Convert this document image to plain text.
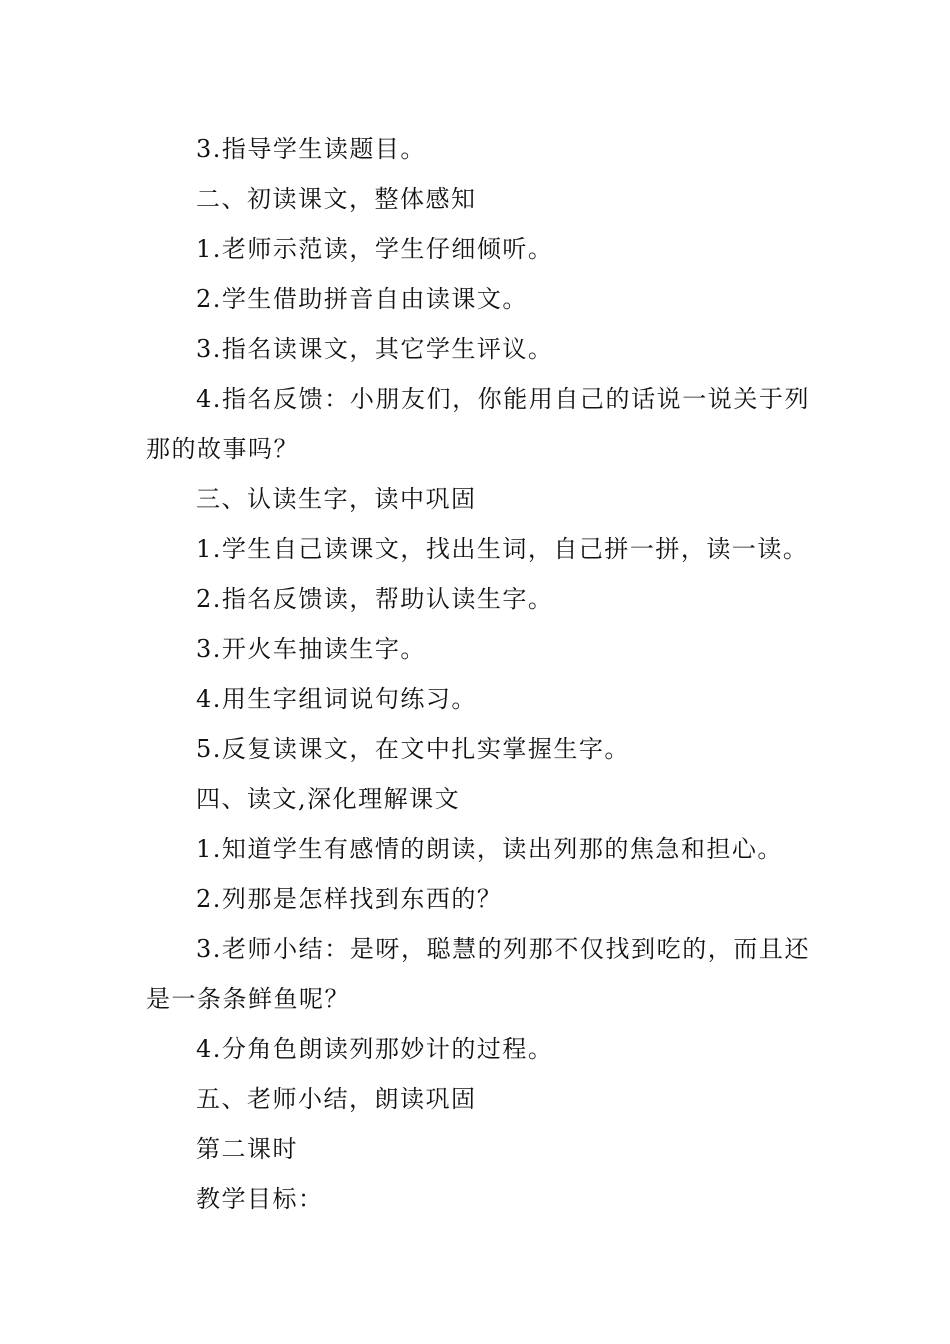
3.指导学生读题目。

二、初读课文，整体感知

1.老师示范读，学生仔细倾听。

2.学生借助拼音自由读课文。

3.指名读课文，其它学生评议。

4.指名反馈：小朋友们，你能用自己的话说一说关于列那的故事吗？

三、认读生字，读中巩固

1.学生自己读课文，找出生词，自己拼一拼，读一读。

2.指名反馈读，帮助认读生字。

3.开火车抽读生字。

4.用生字组词说句练习。

5.反复读课文，在文中扎实掌握生字。

四、读文,深化理解课文

1.知道学生有感情的朗读，读出列那的焦急和担心。

2.列那是怎样找到东西的？

3.老师小结：是呀，聪慧的列那不仅找到吃的，而且还是一条条鲜鱼呢？

4.分角色朗读列那妙计的过程。

五、老师小结，朗读巩固

第二课时

教学目标：
